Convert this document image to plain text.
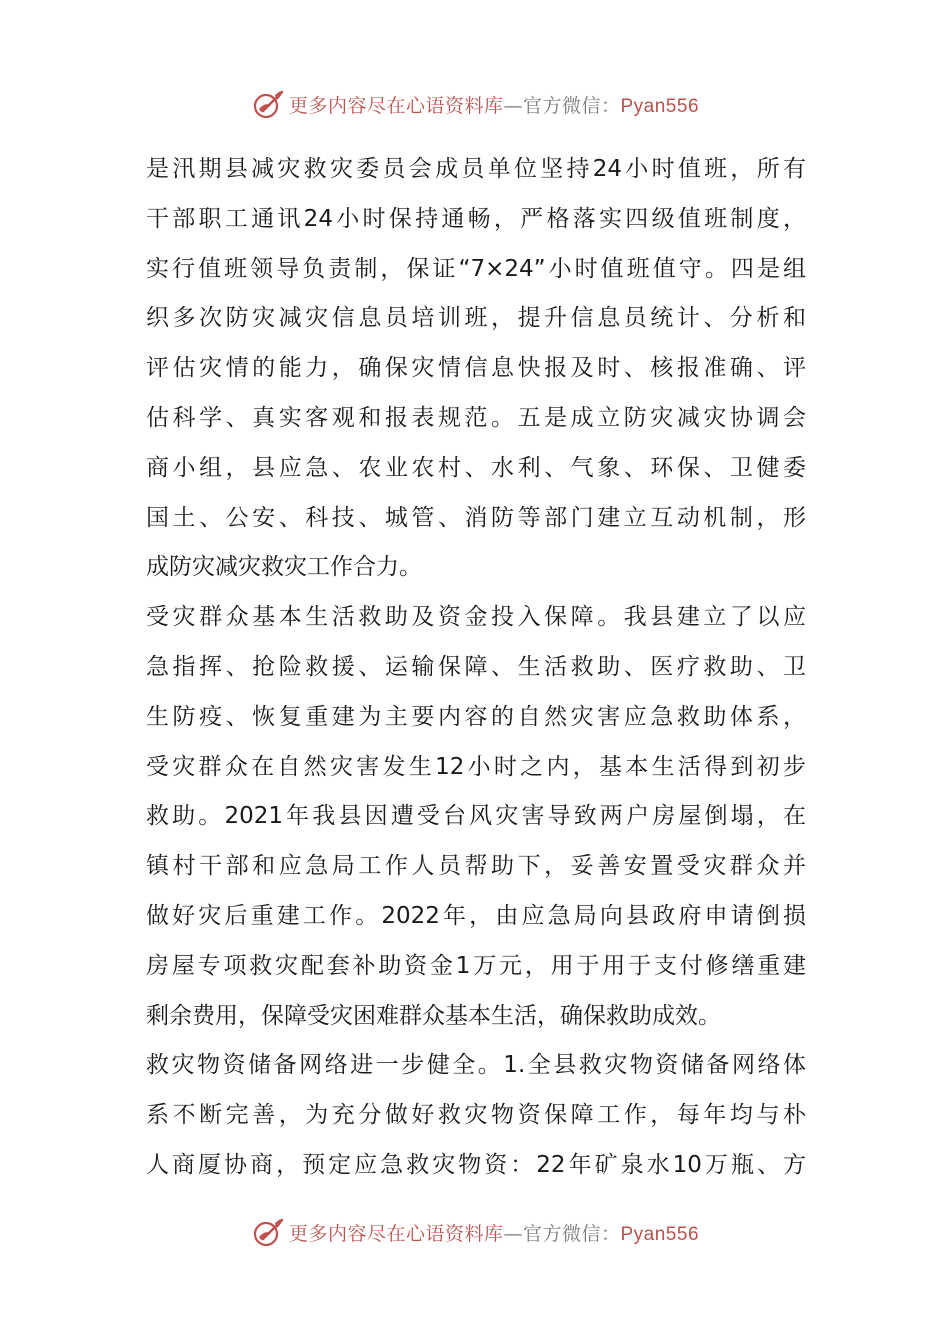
更多内容尽在心语资料库—官方微信：Pyan556
是汛期县减灾救灾委员会成员单位坚持24小时值班，所有
干部职工通讯24小时保持通畅，严格落实四级值班制度，
实行值班领导负责制，保证“7×24”小时值班值守。四是组
织多次防灾减灾信息员培训班，提升信息员统计、分析和
评估灾情的能力，确保灾情信息快报及时、核报准确、评
估科学、真实客观和报表规范。五是成立防灾减灾协调会
商小组，县应急、农业农村、水利、气象、环保、卫健委
国土、公安、科技、城管、消防等部门建立互动机制，形
成防灾减灾救灾工作合力。
受灾群众基本生活救助及资金投入保障。我县建立了以应
急指挥、抢险救援、运输保障、生活救助、医疗救助、卫
生防疫、恢复重建为主要内容的自然灾害应急救助体系，
受灾群众在自然灾害发生12小时之内，基本生活得到初步
救助。2021年我县因遭受台风灾害导致两户房屋倒塌，在
镇村干部和应急局工作人员帮助下，妥善安置受灾群众并
做好灾后重建工作。2022年，由应急局向县政府申请倒损
房屋专项救灾配套补助资金1万元，用于用于支付修缮重建
剩余费用，保障受灾困难群众基本生活，确保救助成效。
救灾物资储备网络进一步健全。1.全县救灾物资储备网络体
系不断完善，为充分做好救灾物资保障工作，每年均与朴
人商厦协商，预定应急救灾物资：22年矿泉水10万瓶、方
更多内容尽在心语资料库—官方微信：Pyan556
